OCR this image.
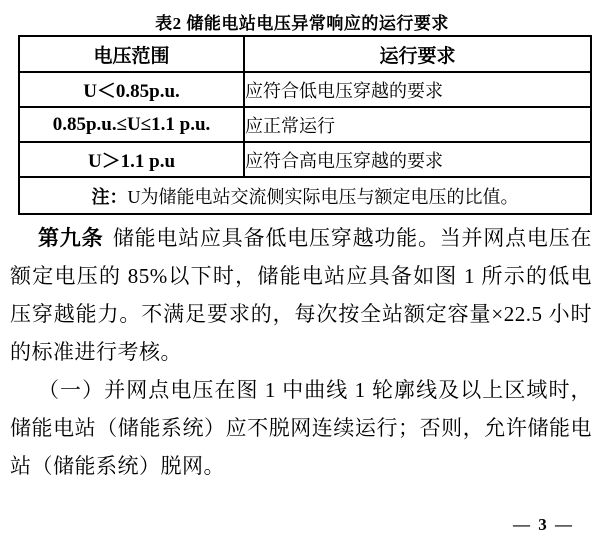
表2 储能电站电压异常响应的运行要求
电压范围	运行要求
U＜0.85p.u.	应符合低电压穿越的要求
0.85p.u.≤U≤1.1 p.u.	应正常运行
U＞1.1 p.u	应符合高电压穿越的要求
注：U为储能电站交流侧实际电压与额定电压的比值。	

第九条 储能电站应具备低电压穿越功能。当并网点电压在额定电压的 85%以下时，储能电站应具备如图 1 所示的低电压穿越能力。不满足要求的，每次按全站额定容量×22.5 小时的标准进行考核。

（一）并网点电压在图 1 中曲线 1 轮廓线及以上区域时，储能电站（储能系统）应不脱网连续运行；否则，允许储能电站（储能系统）脱网。

— 3 —
